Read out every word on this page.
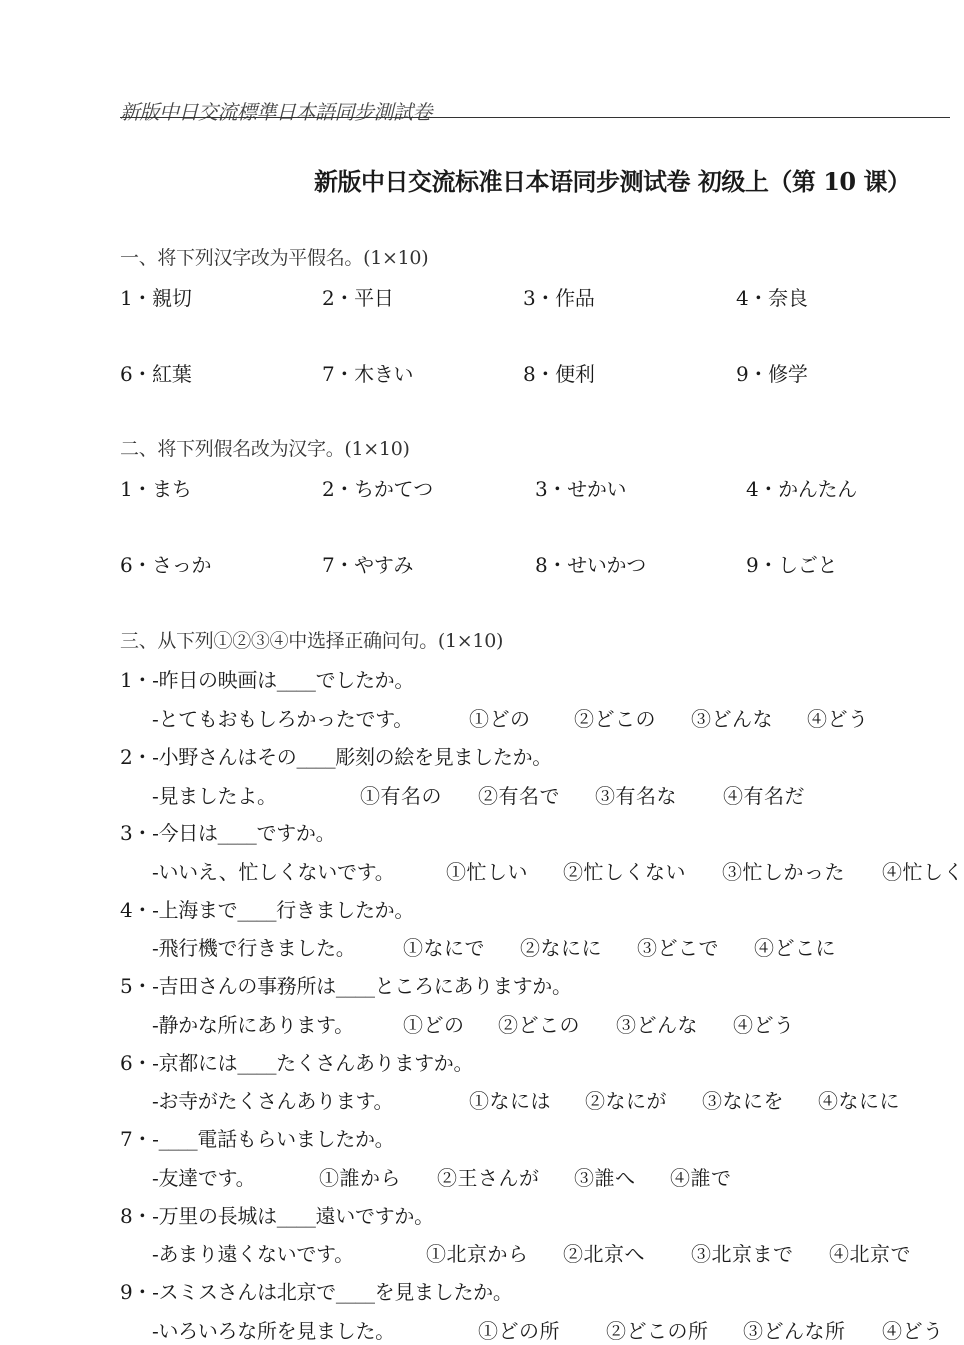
新版中日交流標準日本語同步測試卷
新版中日交流标准日本语同步测试卷 初级上（第 10 课）
一、将下列汉字改为平假名。(1×10)
1・親切	2・平日	3・作品	4・奈良
6・紅葉	7・木きい	8・便利	9・修学
二、将下列假名改为汉字。(1×10)
1・まち	2・ちかてつ	3・せかい	4・かんたん
6・さっか	7・やすみ	8・せいかつ	9・しごと
三、从下列①②③④中选择正确问句。(1×10)
1・-昨日の映画は____でしたか。
-とてもおもしろかったです。	①どの ②どこの ③どんな ④どう
2・-小野さんはその____彫刻の絵を見ましたか。
-見ましたよ。	①有名の ②有名で ③有名な ④有名だ
3・-今日は____ですか。
-いいえ、忙しくないです。	①忙しい ②忙しくない ③忙しかった ④忙しく
4・-上海まで____行きましたか。
-飛行機で行きました。 ①なにで ②なにに ③どこで ④どこに
5・-吉田さんの事務所は____ところにありますか。
-静かな所にあります。 ①どの ②どこの ③どんな ④どう
6・-京都には____たくさんありますか。
-お寺がたくさんあります。	①なには ②なにが ③なにを ④なにに
7・-____電話もらいましたか。
-友達です。	①誰から ②王さんが ③誰へ ④誰で
8・-万里の長城は____遠いですか。
-あまり遠くないです。	①北京から ②北京へ ③北京まで ④北京で
9・-スミスさんは北京で____を見ましたか。
-いろいろな所を見ました。	①どの所 ②どこの所 ③どんな所 ④どう
